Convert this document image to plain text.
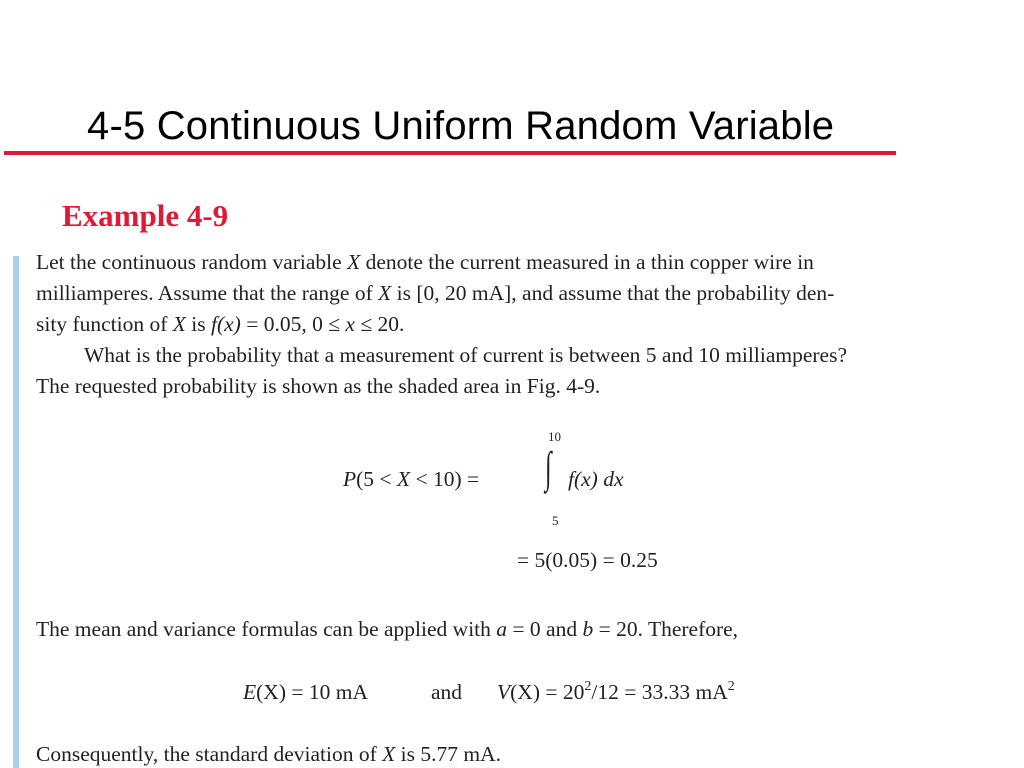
4-5 Continuous Uniform Random Variable
Example 4-9
Let the continuous random variable X denote the current measured in a thin copper wire in
milliamperes. Assume that the range of X is [0, 20 mA], and assume that the probability den-
sity function of X is f(x) = 0.05, 0 ≤ x ≤ 20.
What is the probability that a measurement of current is between 5 and 10 milliamperes?
The requested probability is shown as the shaded area in Fig. 4-9.
P(5 < X < 10) = ∫
10
5
f(x) dx
= 5(0.05) = 0.25
The mean and variance formulas can be applied with a = 0 and b = 20. Therefore,
E(X) = 10 mA	and $V(X) = 20^2/12 = 33.33$ $mA^2$
Consequently, the standard deviation of X is 5.77 mA.
